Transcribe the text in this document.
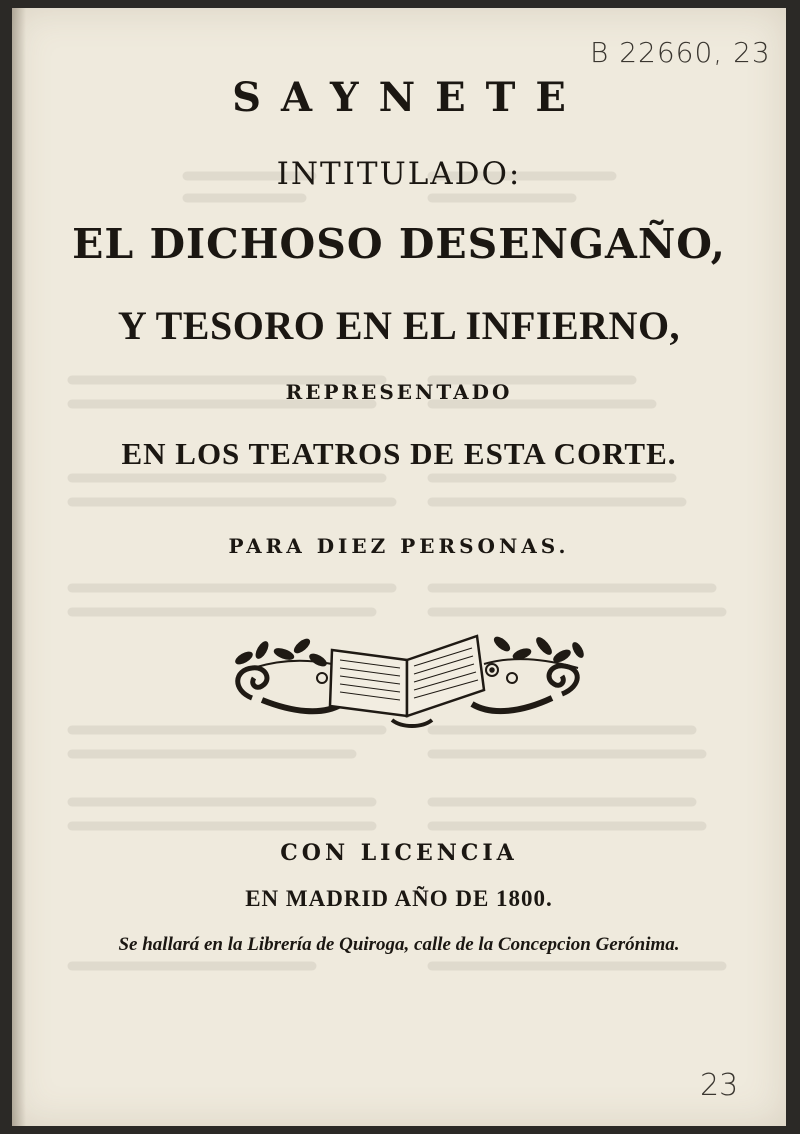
B 22660, 23
SAYNETE
INTITULADO:
EL DICHOSO DESENGAÑO,
Y TESORO EN EL INFIERNO,
REPRESENTADO
EN LOS TEATROS DE ESTA CORTE.
PARA DIEZ PERSONAS.
CON LICENCIA
EN MADRID AÑO DE 1800.
Se hallará en la Librería de Quiroga, calle de la Concepcion Gerónima.
23
